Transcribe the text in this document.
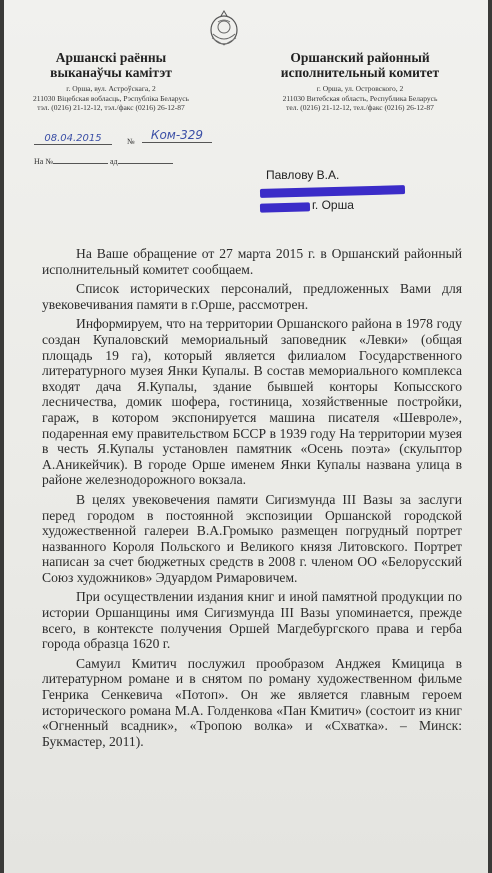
Аршанскі раённы
выканаўчы камітэт
г. Орша, вул. Астроўскага, 2
211030 Віцебская вобласць, Рэспубліка Беларусь
тэл. (0216) 21-12-12, тэл./факс (0216) 26-12-87
Оршанский районный
исполнительный комитет
г. Орша, ул. Островского, 2
211030 Витебская область, Республика Беларусь
тел. (0216) 21-12-12, тел./факс (0216) 26-12-87
08.04.2015	№	Ком-329
На №	ад
Павлову В.А.
г. Орша

На Ваше обращение от 27 марта 2015 г. в Оршанский районный исполнительный комитет сообщаем.

Список исторических персоналий, предложенных Вами для увековечивания памяти в г.Орше, рассмотрен.

Информируем, что на территории Оршанского района в 1978 году создан Купаловский мемориальный заповедник «Левки» (общая площадь 19 га), который является филиалом Государственного литературного музея Янки Купалы. В состав мемориального комплекса входят дача Я.Купалы, здание бывшей конторы Копысского лесничества, домик шофера, гостиница, хозяйственные постройки, гараж, в котором экспонируется машина писателя «Шевроле», подаренная ему правительством БССР в 1939 году На территории музея в честь Я.Купалы установлен памятник «Осень поэта» (скульптор А.Аникейчик). В городе Орше именем Янки Купалы названа улица в районе железнодорожного вокзала.

В целях увековечения памяти Сигизмунда III Вазы за заслуги перед городом в постоянной экспозиции Оршанской городской художественной галереи В.А.Громыко размещен погрудный портрет названного Короля Польского и Великого князя Литовского. Портрет написан за счет бюджетных средств в 2008 г. членом ОО «Белорусский Союз художников» Эдуардом Римаровичем.

При осуществлении издания книг и иной памятной продукции по истории Оршанщины имя Сигизмунда III Вазы упоминается, прежде всего, в контексте получения Оршей Магдебургского права и герба города образца 1620 г.

Самуил Кмитич послужил прообразом Анджея Кмицица в литературном романе и в снятом по роману художественном фильме Генрика Сенкевича «Потоп». Он же является главным героем исторического романа М.А. Голденкова «Пан Кмитич» (состоит из книг «Огненный всадник», «Тропою волка» и «Схватка». – Минск: Букмастер, 2011).
